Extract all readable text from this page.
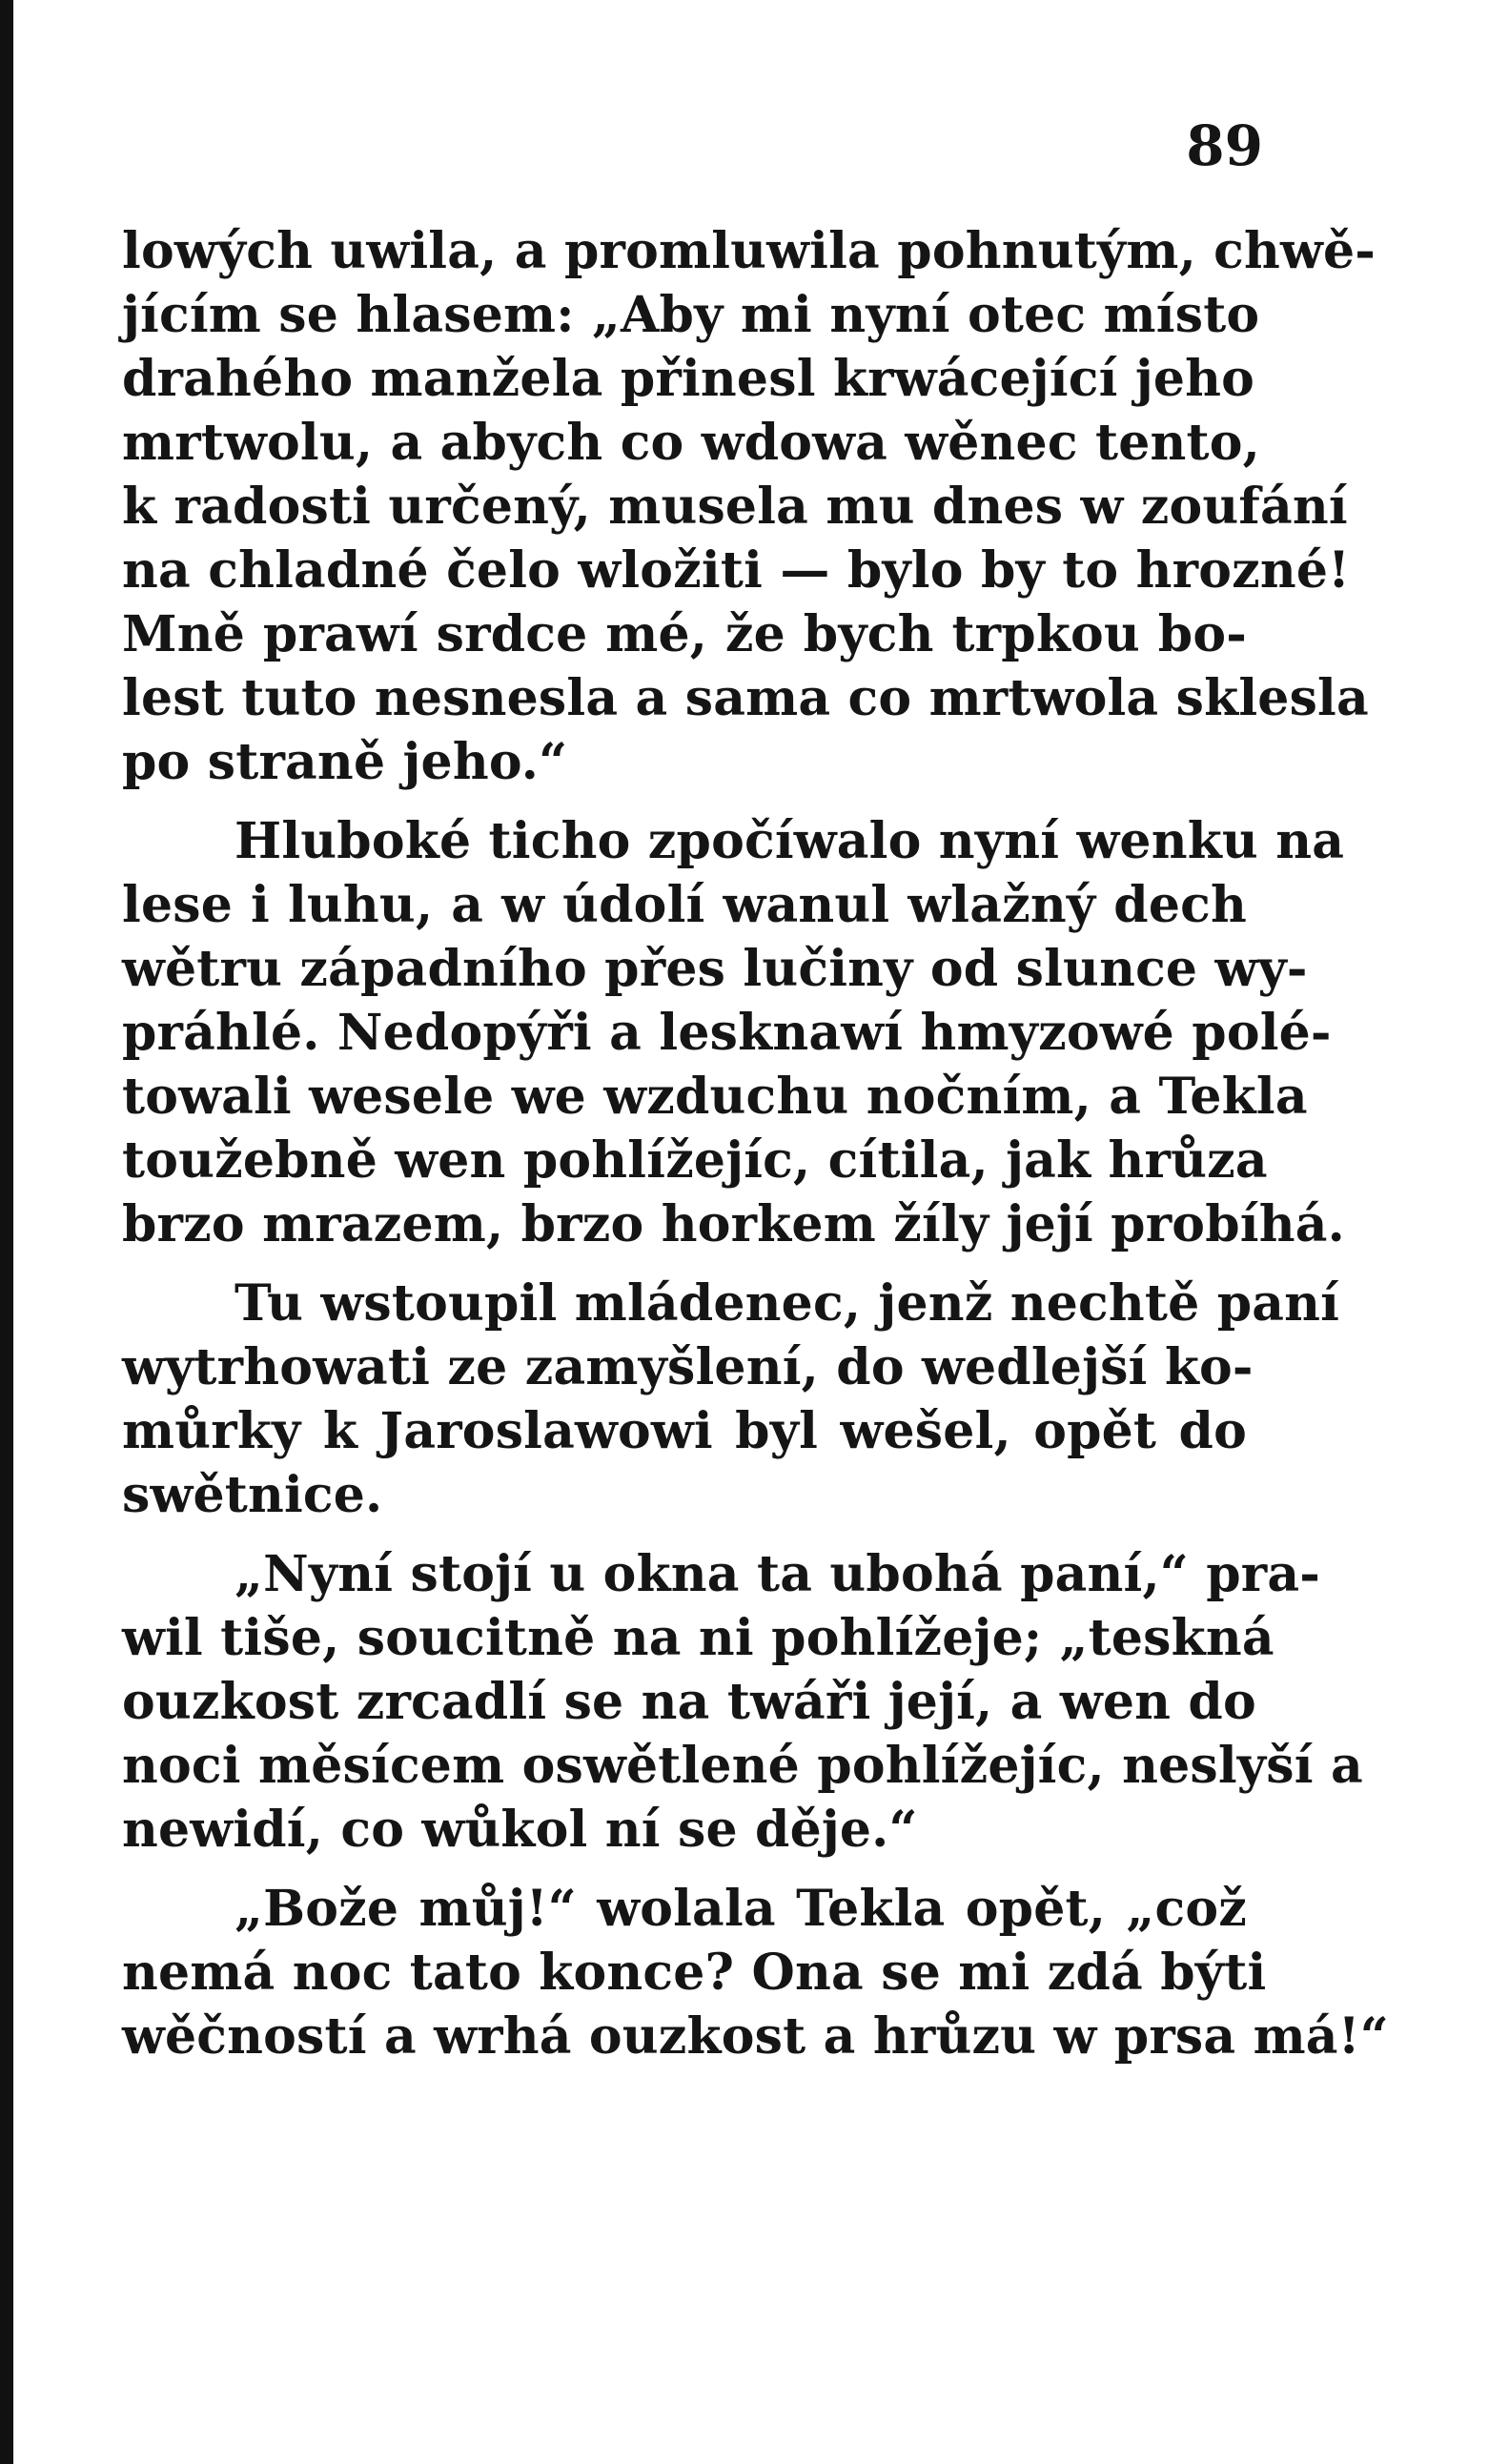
89
lowých uwila, a promluwila pohnutým, chwě-
jícím se hlasem: „Aby mi nyní otec místo
drahého manžela přinesl krwácející jeho
mrtwolu, a abych co wdowa wěnec tento,
k radosti určený, musela mu dnes w zoufání
na chladné čelo wložiti — bylo by to hrozné!
Mně prawí srdce mé, že bych trpkou bo-
lest tuto nesnesla a sama co mrtwola sklesla
po straně jeho.“
Hluboké ticho zpočíwalo nyní wenku na
lese i luhu, a w údolí wanul wlažný dech
wětru západního přes lučiny od slunce wy-
práhlé. Nedopýři a lesknawí hmyzowé polé-
towali wesele we wzduchu nočním, a Tekla
toužebně wen pohlížejíc, cítila, jak hrůza
brzo mrazem, brzo horkem žíly její probíhá.
Tu wstoupil mládenec, jenž nechtě paní
wytrhowati ze zamyšlení, do wedlejší ko-
můrky k Jaroslawowi byl wešel, opět do
swětnice.
„Nyní stojí u okna ta ubohá paní,“ pra-
wil tiše, soucitně na ni pohlížeje; „teskná
ouzkost zrcadlí se na twáři její, a wen do
noci měsícem oswětlené pohlížejíc, neslyší a
newidí, co wůkol ní se děje.“
„Bože můj!“ wolala Tekla opět, „což
nemá noc tato konce? Ona se mi zdá býti
wěčností a wrhá ouzkost a hrůzu w prsa má!“
